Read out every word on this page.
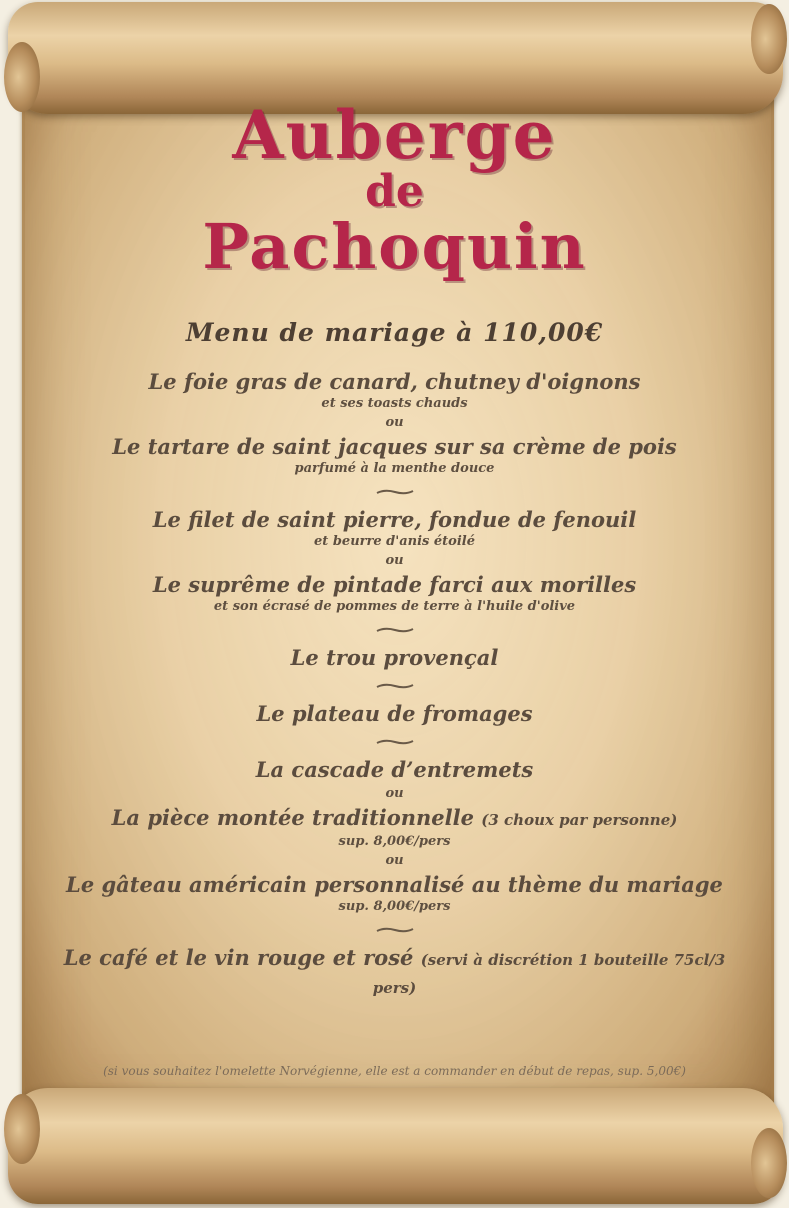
Auberge

de

Pachoquin

Menu de mariage à 110,00€
Le foie gras de canard, chutney d'oignons
et ses toasts chauds
ou
Le tartare de saint jacques sur sa crème de pois
parfumé à la menthe douce
Le filet de saint pierre, fondue de fenouil
et beurre d'anis étoilé
ou
Le suprême de pintade farci aux morilles
et son écrasé de pommes de terre à l'huile d'olive
Le trou provençal
Le plateau de fromages
La cascade d’entremets
ou
La pièce montée traditionnelle (3 choux par personne)
sup. 8,00€/pers
ou
Le gâteau américain personnalisé au thème du mariage
sup. 8,00€/pers
Le café et le vin rouge et rosé (servi à discrétion 1 bouteille 75cl/3 pers)
(si vous souhaitez l'omelette Norvégienne, elle est a commander en début de repas, sup. 5,00€)
